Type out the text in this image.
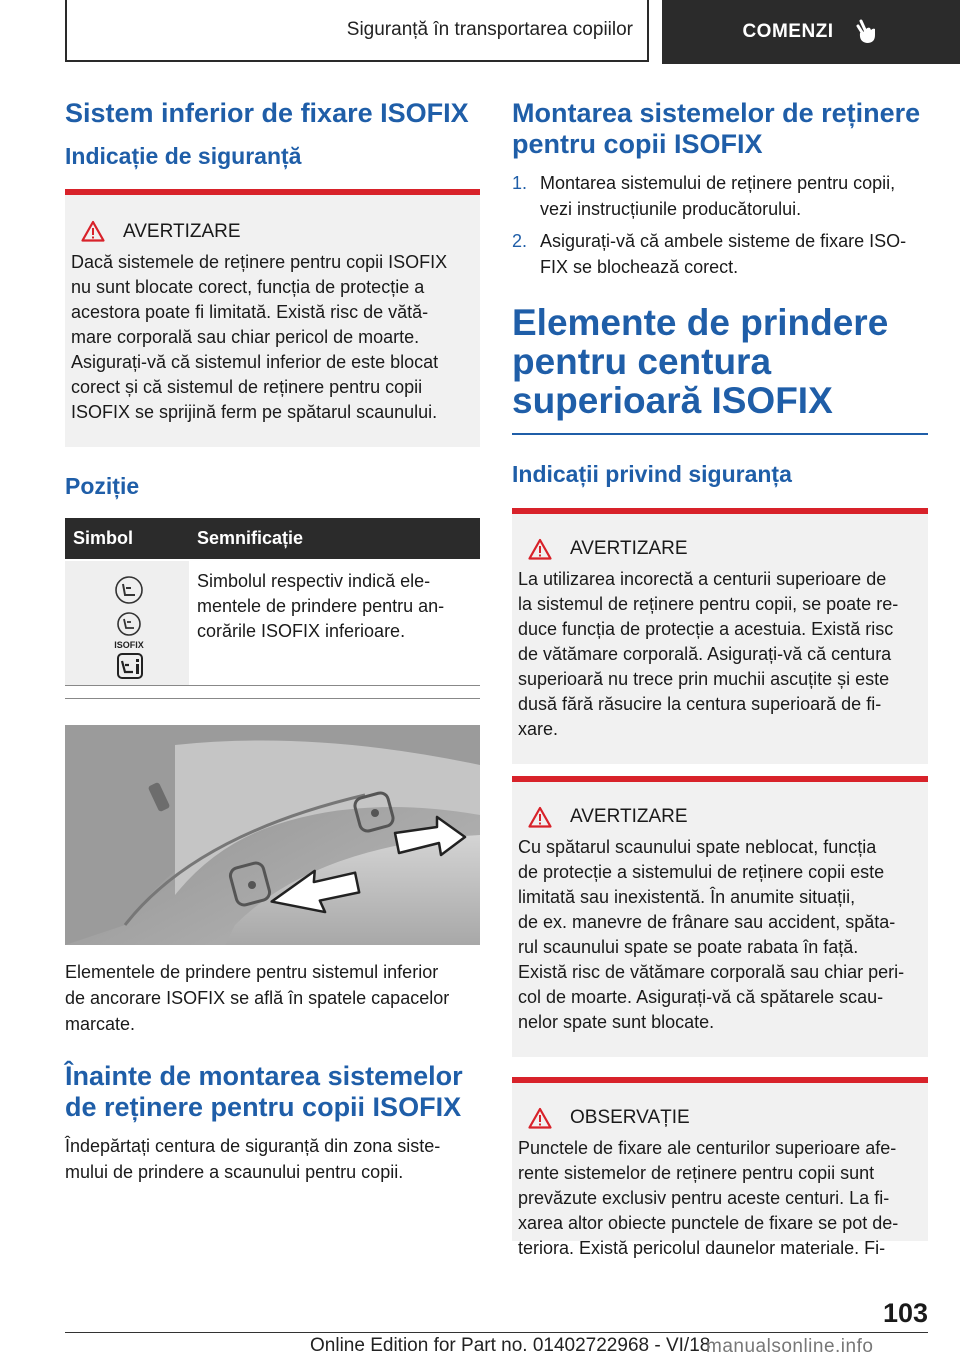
Siguranță în transportarea copiilor	COMENZI
Sistem inferior de fixare ISOFIX
Indicație de siguranță
AVERTIZARE
Dacă sistemele de reținere pentru copii ISOFIX
nu sunt blocate corect, funcția de protecție a
acestora poate fi limitată. Există risc de vătă-
mare corporală sau chiar pericol de moarte.
Asigurați-vă că sistemul inferior de este blocat
corect și că sistemul de reținere pentru copii
ISOFIX se sprijină ferm pe spătarul scaunului.
Poziție
Simbol	Semnificație

ISOFIX	Simbolul respectiv indică ele-
mentele de prindere pentru an-
corările ISOFIX inferioare.

Elementele de prindere pentru sistemul inferior
de ancorare ISOFIX se află în spatele capacelor
marcate.

Înainte de montarea sistemelor de reținere pentru copii ISOFIX

Îndepărtați centura de siguranță din zona siste-
mului de prindere a scaunului pentru copii.

Montarea sistemelor de reținere pentru copii ISOFIX
1. Montarea sistemului de reținere pentru copii,
vezi instrucțiunile producătorului.
2. Asigurați-vă că ambele sisteme de fixare ISO-
FIX se blochează corect.
Elemente de prindere pentru centura superioară ISOFIX
Indicații privind siguranța
AVERTIZARE
La utilizarea incorectă a centurii superioare de
la sistemul de reținere pentru copii, se poate re-
duce funcția de protecție a acestuia. Există risc
de vătămare corporală. Asigurați-vă că centura
superioară nu trece prin muchii ascuțite și este
dusă fără răsucire la centura superioară de fi-
xare.
AVERTIZARE
Cu spătarul scaunului spate neblocat, funcția
de protecție a sistemului de reținere copii este
limitată sau inexistentă. În anumite situații,
de ex. manevre de frânare sau accident, spăta-
rul scaunului spate se poate rabata în față.
Există risc de vătămare corporală sau chiar peri-
col de moarte. Asigurați-vă că spătarele scau-
nelor spate sunt blocate.
OBSERVAȚIE
Punctele de fixare ale centurilor superioare afe-
rente sistemelor de reținere pentru copii sunt
prevăzute exclusiv pentru aceste centuri. La fi-
xarea altor obiecte punctele de fixare se pot de-
teriora. Există pericolul daunelor materiale. Fi-
103
Online Edition for Part no. 01402722968 - VI/18
manualsonline.info
